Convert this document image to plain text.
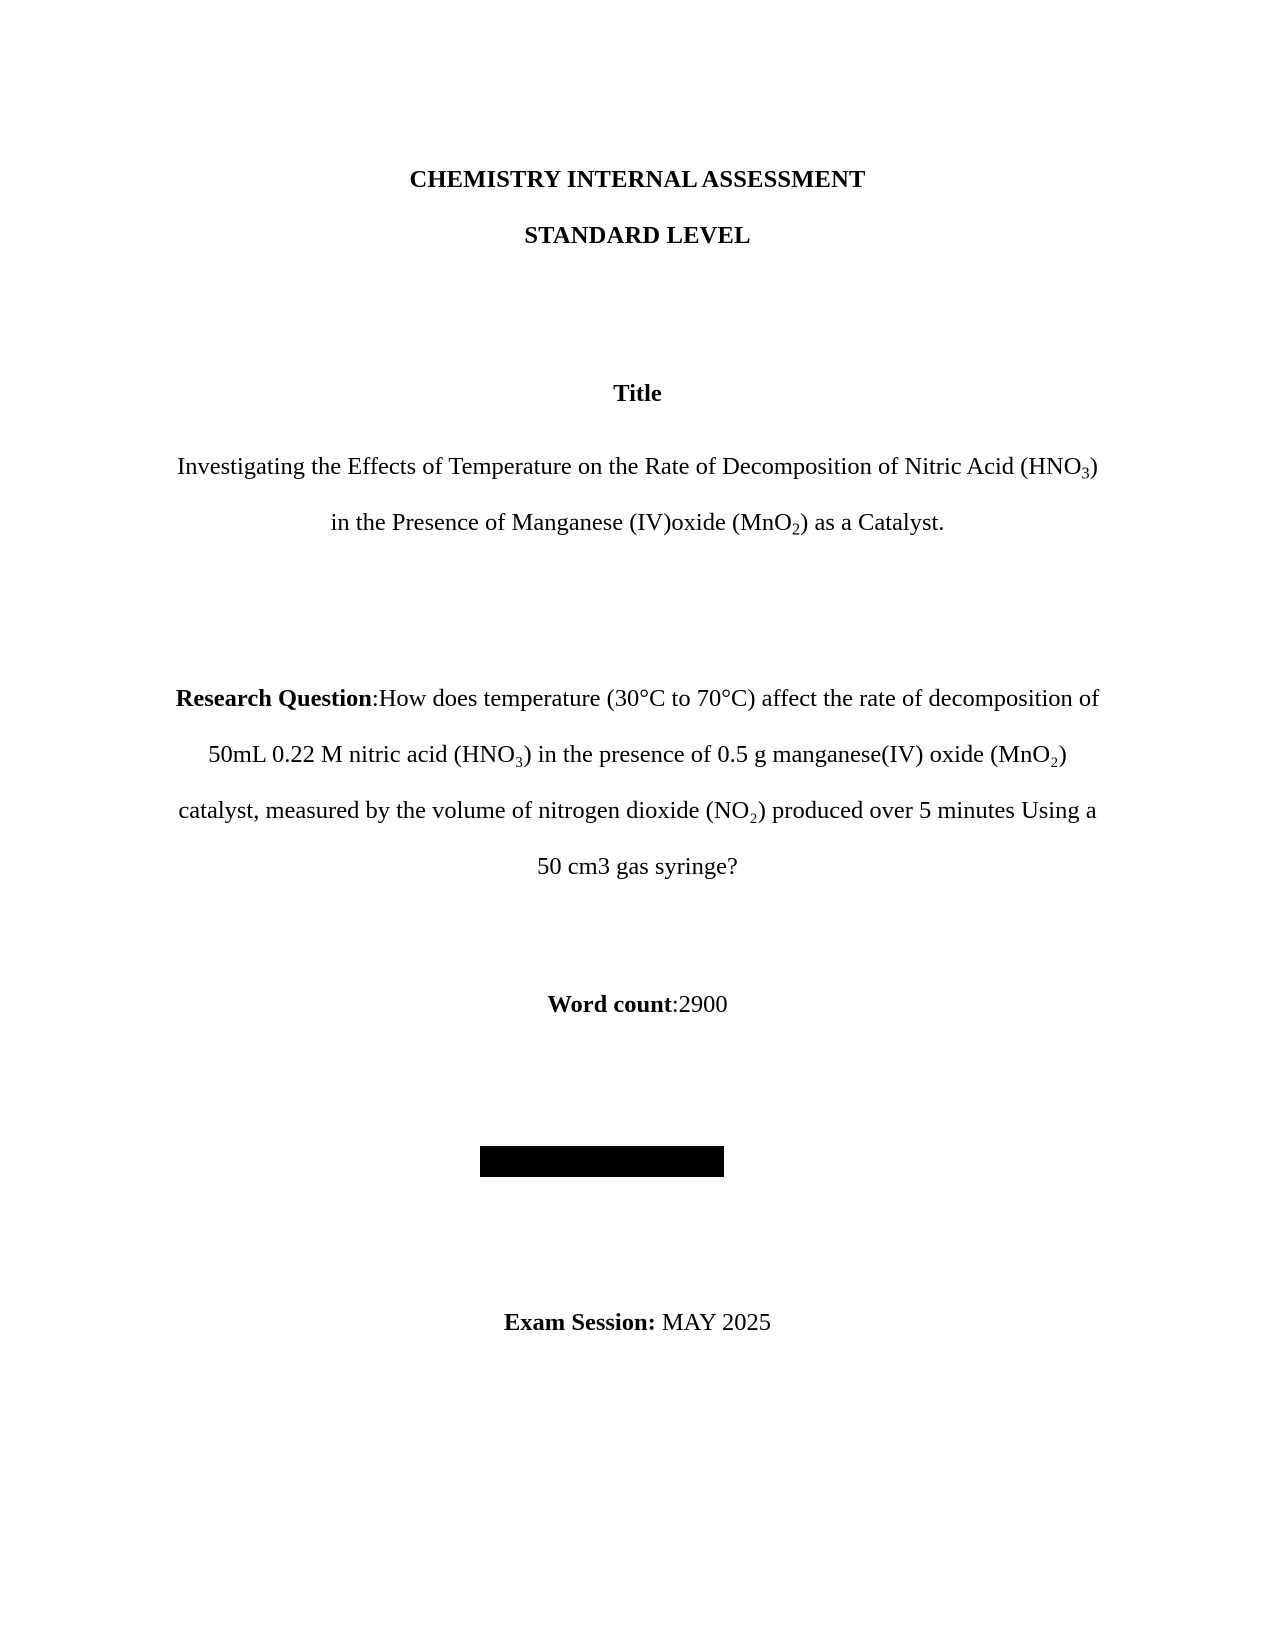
CHEMISTRY INTERNAL ASSESSMENT
STANDARD LEVEL
Title
Investigating the Effects of Temperature on the Rate of Decomposition of Nitric Acid $(HNO_3)$
in the Presence of Manganese (IV)oxide (MnO$_2$) as a Catalyst.
Research Question:How does temperature (30°C to 70°C) affect the rate of decomposition of
50mL 0.22 M nitric acid (HNO₃) in the presence of 0.5 g manganese(IV) oxide (MnO₂)
catalyst, measured by the volume of nitrogen dioxide (NO₂) produced over 5 minutes Using a
50 cm3 gas syringe?
Word count:2900
Exam Session: MAY 2025
